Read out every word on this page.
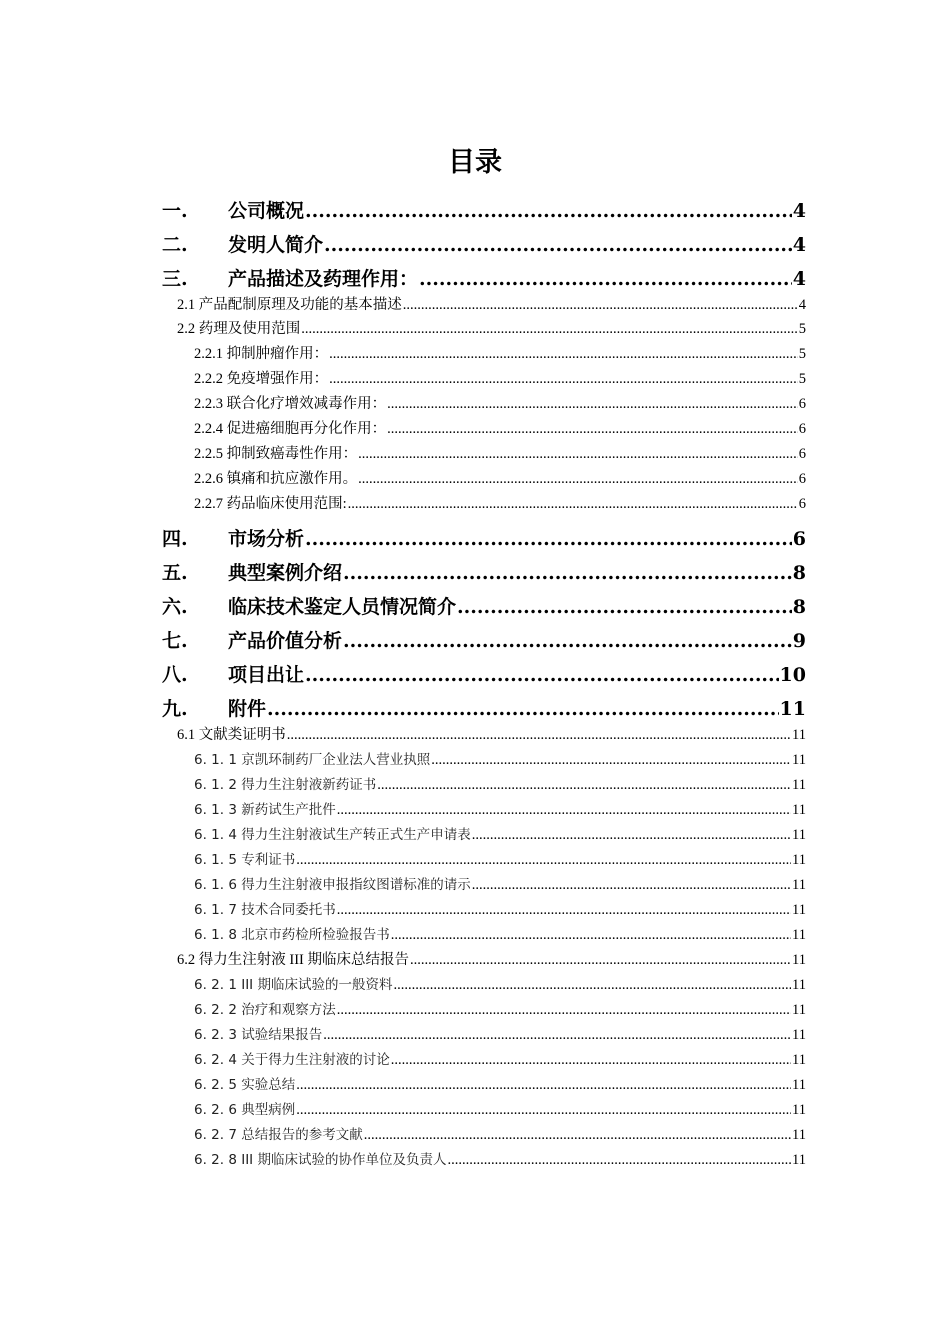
目录
一. 公司概况 .....	4
二. 发明人简介 .....	4
三. 产品描述及药理作用： .....	4
2.1 产品配制原理及功能的基本描述 .....	4
2.2 药理及使用范围 .....	5
2.2.1 抑制肿瘤作用： .....	5
2.2.2 免疫增强作用： .....	5
2.2.3 联合化疗增效减毒作用： .....	6
2.2.4 促进癌细胞再分化作用： .....	6
2.2.5 抑制致癌毒性作用： .....	6
2.2.6 镇痛和抗应激作用。 .....	6
2.2.7 药品临床使用范围: .....	6
四. 市场分析 .....	6
五. 典型案例介绍 .....	8
六. 临床技术鉴定人员情况简介 .....	8
七. 产品价值分析 .....	9
八. 项目出让 .....	10
九. 附件 .....	11
6.1 文献类证明书 .....	11
6. 1. 1 京凯环制药厂企业法人营业执照 .....	11
6. 1. 2 得力生注射液新药证书 .....	11
6. 1. 3 新药试生产批件 .....	11
6. 1. 4 得力生注射液试生产转正式生产申请表 .....	11
6. 1. 5 专利证书 .....	11
6. 1. 6 得力生注射液申报指纹图谱标准的请示 .....	11
6. 1. 7 技术合同委托书 .....	11
6. 1. 8 北京市药检所检验报告书 .....	11
6.2 得力生注射液 III 期临床总结报告 .....	11
6. 2. 1 III 期临床试验的一般资料 .....	11
6. 2. 2 治疗和观察方法 .....	11
6. 2. 3 试验结果报告 .....	11
6. 2. 4 关于得力生注射液的讨论 .....	11
6. 2. 5 实验总结 .....	11
6. 2. 6 典型病例 .....	11
6. 2. 7 总结报告的参考文献 .....	11
6. 2. 8 III 期临床试验的协作单位及负责人 .....	11
